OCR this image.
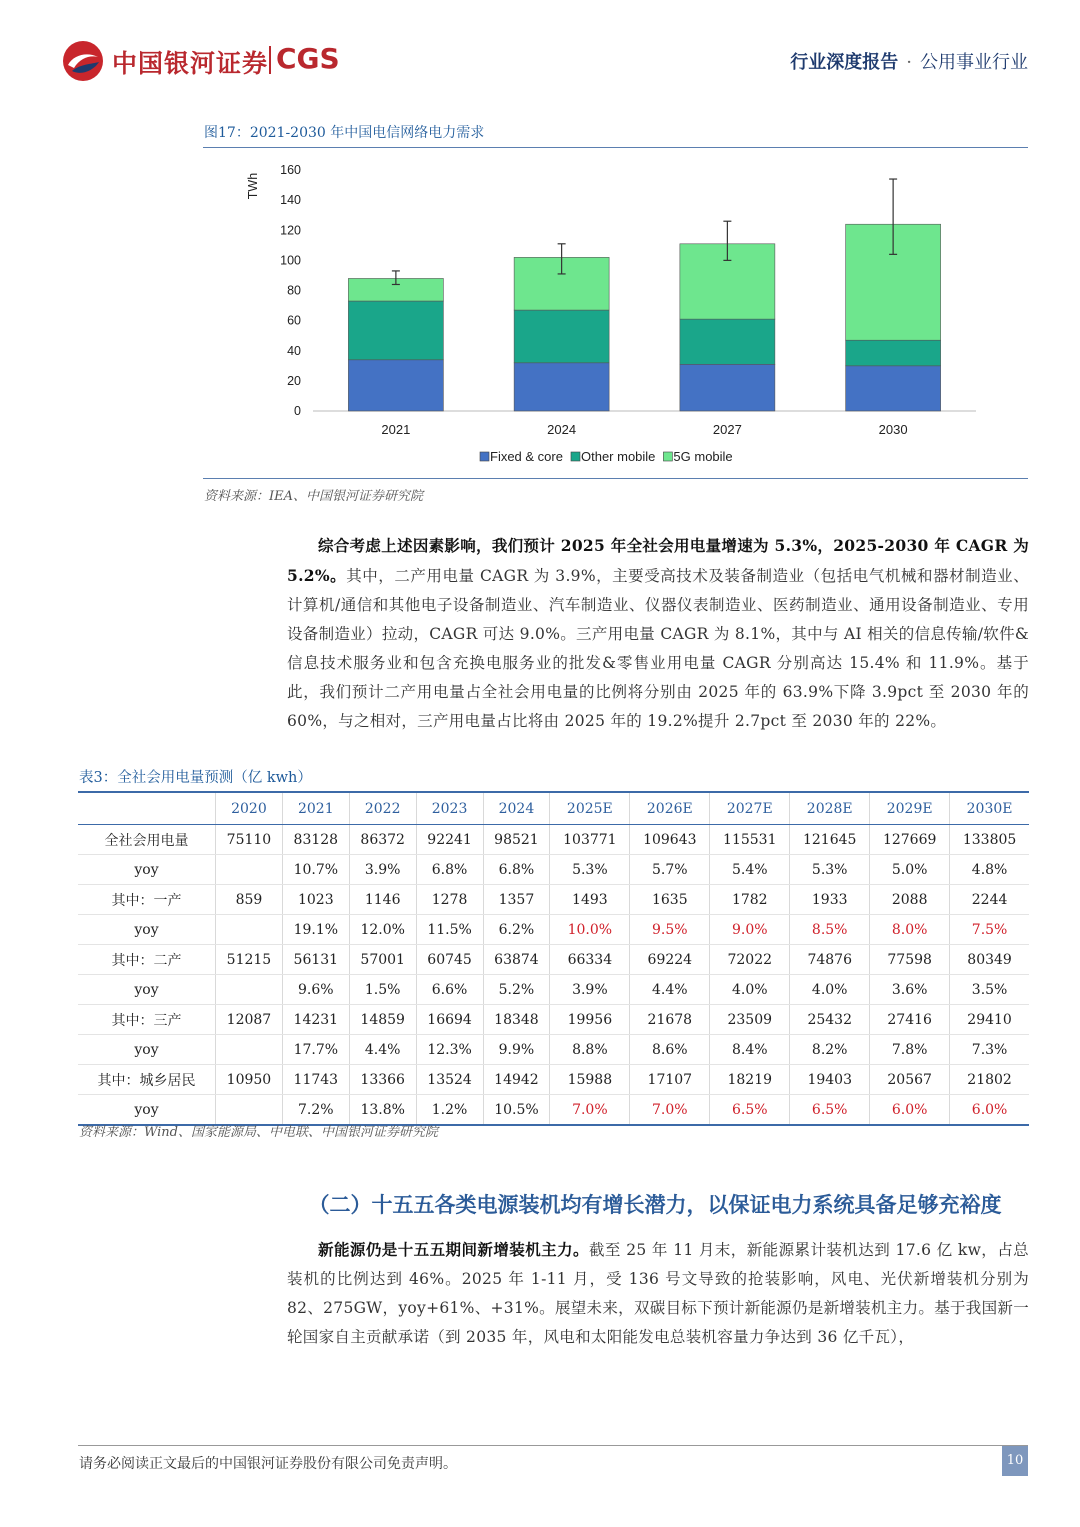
中国银河证券 CGS	行业深度报告 · 公用事业行业
图17：2021-2030 年中国电信网络电力需求
0
20
40
60
80
100
120
140
160
TWh
2021	2024	2027	2030
Fixed & core Other mobile 5G mobile
资料来源：IEA、中国银河证券研究院

综合考虑上述因素影响，我们预计 2025 年全社会用电量增速为 5.3%，2025-2030 年 CAGR 为 5.2%。其中，二产用电量 CAGR 为 3.9%，主要受高技术及装备制造业（包括电气机械和器材制造业、计算机/通信和其他电子设备制造业、汽车制造业、仪器仪表制造业、医药制造业、通用设备制造业、专用设备制造业）拉动，CAGR 可达 9.0%。三产用电量 CAGR 为 8.1%，其中与 AI 相关的信息传输/软件&信息技术服务业和包含充换电服务业的批发&零售业用电量 CAGR 分别高达 15.4% 和 11.9%。基于此，我们预计二产用电量占全社会用电量的比例将分别由 2025 年的 63.9%下降 3.9pct 至 2030 年的 60%，与之相对，三产用电量占比将由 2025 年的 19.2%提升 2.7pct 至 2030 年的 22%。

表3：全社会用电量预测（亿 kwh）
	2020	2021	2022	2023	2024	2025E	2026E	2027E	2028E	2029E	2030E
全社会用电量	75110	83128	86372	92241	98521	103771	109643	115531	121645	127669	133805
yoy		10.7%	3.9%	6.8%	6.8%	5.3%	5.7%	5.4%	5.3%	5.0%	4.8%
其中：一产	859	1023	1146	1278	1357	1493	1635	1782	1933	2088	2244
yoy		19.1%	12.0%	11.5%	6.2%	10.0%	9.5%	9.0%	8.5%	8.0%	7.5%
其中：二产	51215	56131	57001	60745	63874	66334	69224	72022	74876	77598	80349
yoy		9.6%	1.5%	6.6%	5.2%	3.9%	4.4%	4.0%	4.0%	3.6%	3.5%
其中：三产	12087	14231	14859	16694	18348	19956	21678	23509	25432	27416	29410
yoy		17.7%	4.4%	12.3%	9.9%	8.8%	8.6%	8.4%	8.2%	7.8%	7.3%
其中：城乡居民	10950	11743	13366	13524	14942	15988	17107	18219	19403	20567	21802
yoy		7.2%	13.8%	1.2%	10.5%	7.0%	7.0%	6.5%	6.5%	6.0%	6.0%
资料来源：Wind、国家能源局、中电联、中国银河证券研究院
（二）十五五各类电源装机均有增长潜力，以保证电力系统具备足够充裕度

新能源仍是十五五期间新增装机主力。截至 25 年 11 月末，新能源累计装机达到 17.6 亿 kw，占总装机的比例达到 46%。2025 年 1-11 月，受 136 号文导致的抢装影响，风电、光伏新增装机分别为 82、275GW，yoy+61%、+31%。展望未来，双碳目标下预计新能源仍是新增装机主力。基于我国新一轮国家自主贡献承诺（到 2035 年，风电和太阳能发电总装机容量力争达到 36 亿千瓦），

请务必阅读正文最后的中国银河证券股份有限公司免责声明。	10
